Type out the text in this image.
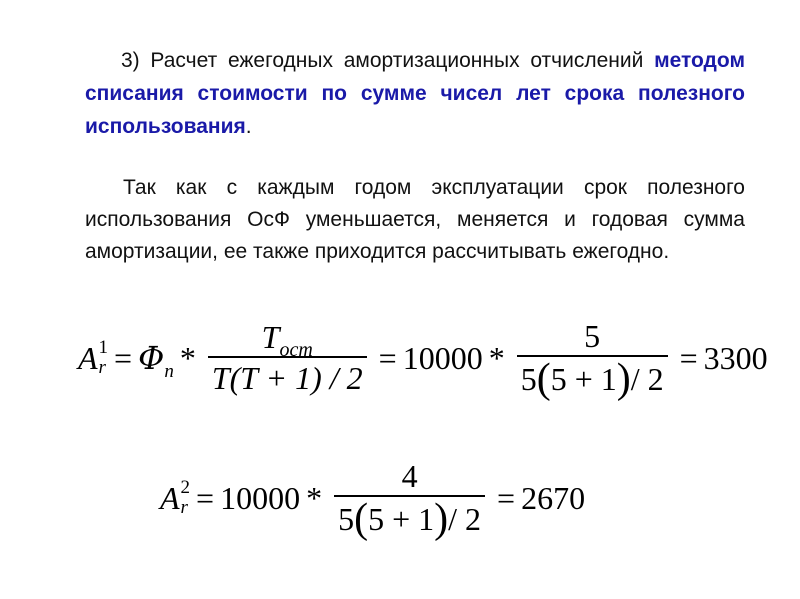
3) Расчет ежегодных амортизационных отчислений методом списания стоимости по сумме чисел лет срока полезного использования.
Так как с каждым годом эксплуатации срок полезного использования ОсФ уменьшается, меняется и годовая сумма амортизации, ее также приходится рассчитывать ежегодно.
A 1
r = Φ $n * \frac{T_{ост}}{T(T + 1) / 2} = 10000 * \frac{5}{5(5 + 1)/ 2} = 3300$
A 2
$r = 10000 * \frac{4}{5(5 + 1)/ 2} = 2670$
